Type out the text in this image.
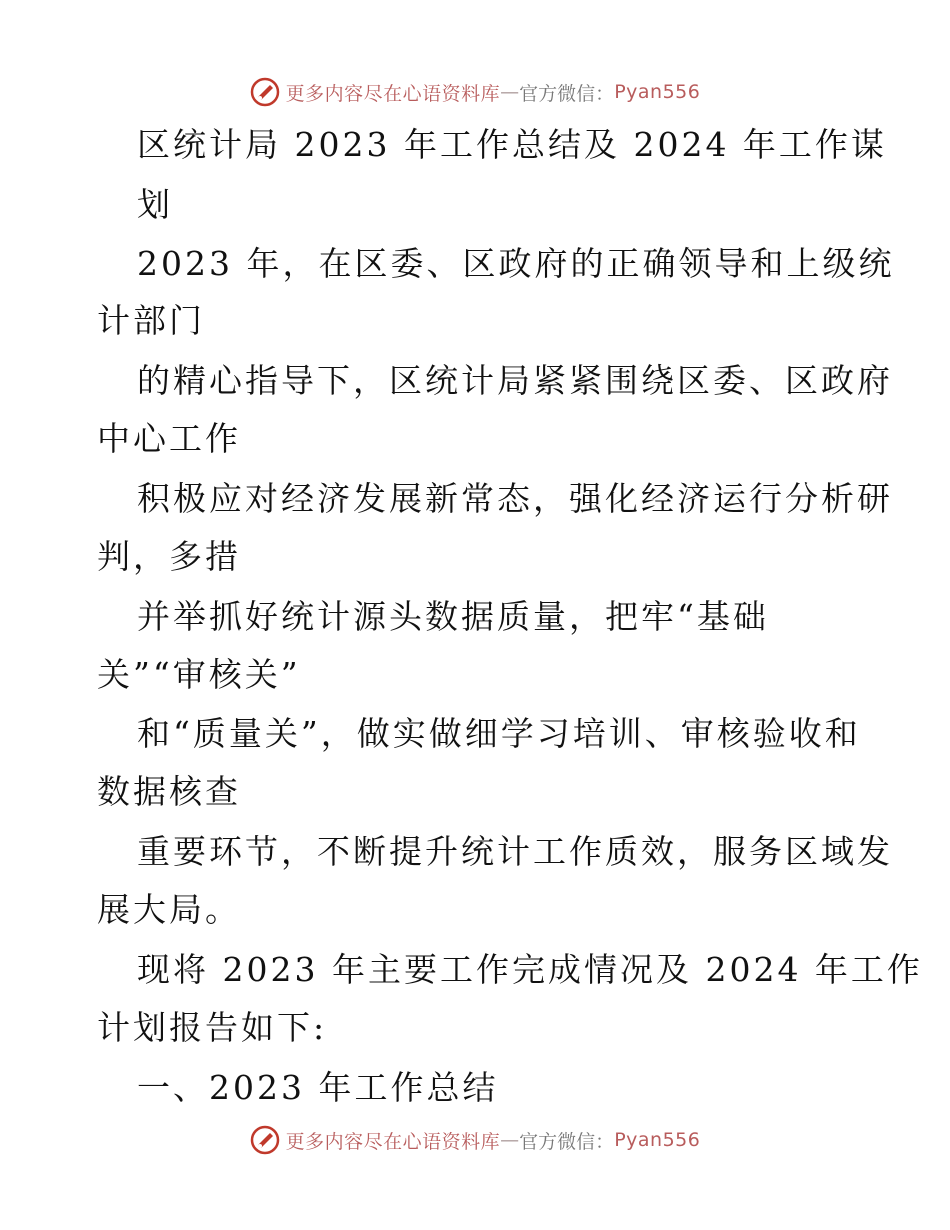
更多内容尽在心语资料库 — 官方微信： Pyan556
区统计局 2023 年工作总结及 2024 年工作谋
划
2023 年，在区委、区政府的正确领导和上级统
计部门
的精心指导下，区统计局紧紧围绕区委、区政府
中心工作
积极应对经济发展新常态，强化经济运行分析研
判，多措
并举抓好统计源头数据质量，把牢“基础
关”“审核关”
和“质量关”，做实做细学习培训、审核验收和
数据核查
重要环节，不断提升统计工作质效，服务区域发
展大局。
现将 2023 年主要工作完成情况及 2024 年工作
计划报告如下:
一、2023 年工作总结
更多内容尽在心语资料库 — 官方微信： Pyan556
